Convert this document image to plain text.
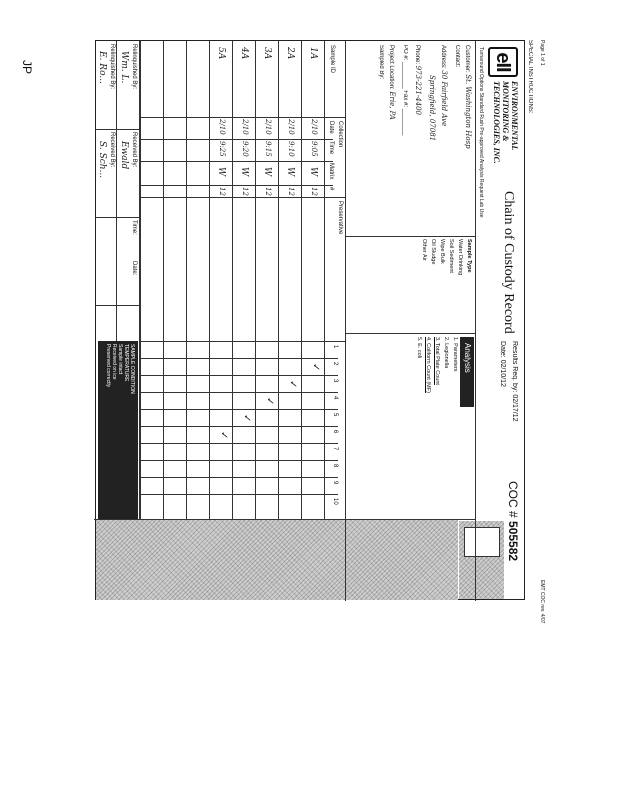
JP	eII
ENVIRONMENTAL
MONITORING &
TECHNOLOGIES, INC.
Chain of Custody Record
Results Req. by: 02/17/12
Date: 02/10/12
COC # 505582
Turnaround Options Standard Rush Pre-approved Analysis Request Lab Use
Customer: St. Washington Hosp
Contact:
Address: 30 Fairfield Ave
Springfield, 07081
Phone: 973-221-4400
PO #: ________ Fax #: ________
Project Location: Erie, PA
Sampled By:
Sample Type
Water Drinking
Soil Sediment
Wipe Bulk
Oil Sludge
Other Air
Analysis
1. Parameters
2. Legionella
3. Total Plate Count
4. Coliform Count (MF)
5. E. coli
Sample ID
Collection
Date
Time
Matrix
#
Preservative
1
2
3
4
5
6
7
8
9
10
1A
2/10
9:05
W
12
✓
2A
2/10
9:10
W
12
✓
3A
2/10
9:15
W
12
✓
4A
2/10
9:20
W
12
✓
5A
2/10
9:25
W
12
✓
Relinquished By:
Wm. L.
Received By:
Ewald
Time:
Date:
Relinquished By:
E. Ro...
Received By:
S. Sch...
SAMPLE CONDITION
TEMPERATURE
Sample intact
Received on ice
Preserved correctly
SPECIAL INSTRUCTIONS:
EMT COC rev. 4/07
Page 1 of 1
